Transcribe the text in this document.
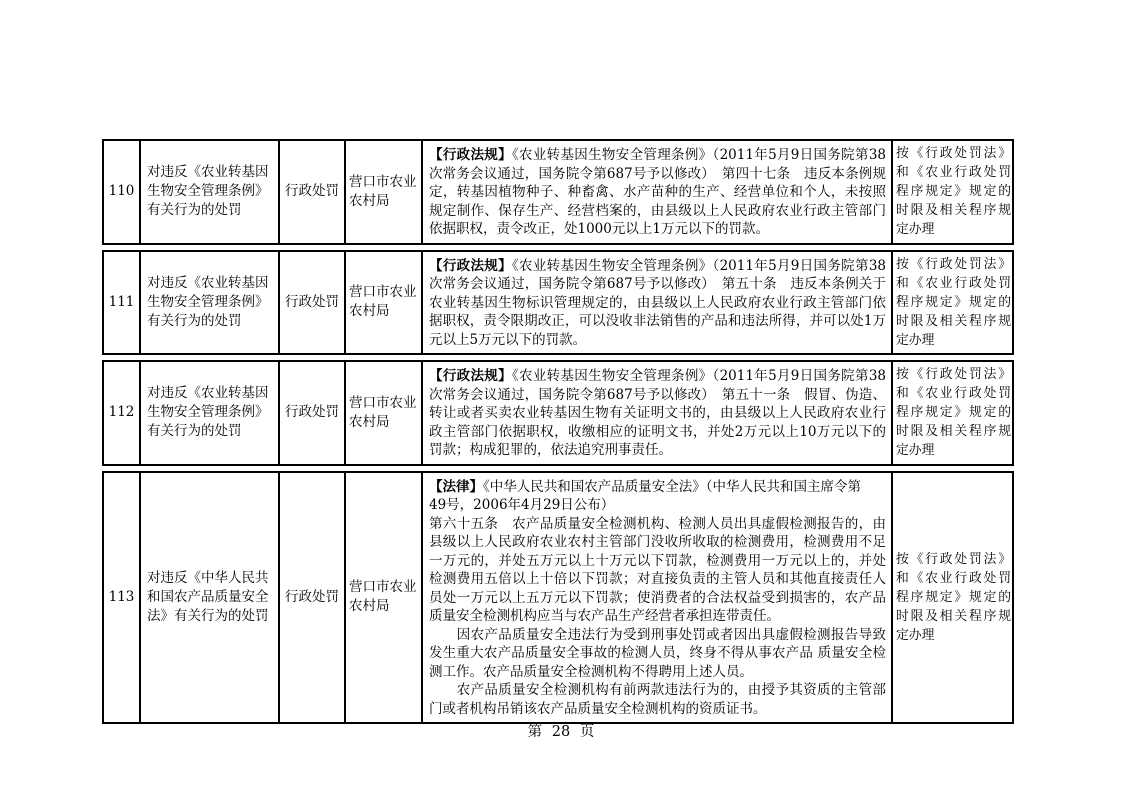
110
对违反《农业转基因生物安全管理条例》有关行为的处罚
行政处罚
营口市农业农村局

【行政法规】《农业转基因生物安全管理条例》（2011年5月9日国务院第38次常务会议通过，国务院令第687号予以修改）　第四十七条　违反本条例规定，转基因植物种子、种畜禽、水产苗种的生产、经营单位和个人，未按照规定制作、保存生产、经营档案的，由县级以上人民政府农业行政主管部门依据职权，责令改正，处1000元以上1万元以下的罚款。

按《行政处罚法》和《农业行政处罚程序规定》规定的时限及相关程序规定办理
111
对违反《农业转基因生物安全管理条例》有关行为的处罚
行政处罚
营口市农业农村局

【行政法规】《农业转基因生物安全管理条例》（2011年5月9日国务院第38次常务会议通过，国务院令第687号予以修改）　第五十条　违反本条例关于农业转基因生物标识管理规定的，由县级以上人民政府农业行政主管部门依据职权，责令限期改正，可以没收非法销售的产品和违法所得，并可以处1万元以上5万元以下的罚款。

按《行政处罚法》和《农业行政处罚程序规定》规定的时限及相关程序规定办理
112
对违反《农业转基因生物安全管理条例》有关行为的处罚
行政处罚
营口市农业农村局

【行政法规】《农业转基因生物安全管理条例》（2011年5月9日国务院第38次常务会议通过，国务院令第687号予以修改）　第五十一条　假冒、伪造、转让或者买卖农业转基因生物有关证明文书的，由县级以上人民政府农业行政主管部门依据职权，收缴相应的证明文书，并处2万元以上10万元以下的罚款；构成犯罪的，依法追究刑事责任。

按《行政处罚法》和《农业行政处罚程序规定》规定的时限及相关程序规定办理
113
对违反《中华人民共和国农产品质量安全法》有关行为的处罚
行政处罚
营口市农业农村局

【法律】《中华人民共和国农产品质量安全法》（中华人民共和国主席令第

49号，2006年4月29日公布）

第六十五条　农产品质量安全检测机构、检测人员出具虚假检测报告的，由县级以上人民政府农业农村主管部门没收所收取的检测费用，检测费用不足一万元的，并处五万元以上十万元以下罚款，检测费用一万元以上的，并处检测费用五倍以上十倍以下罚款；对直接负责的主管人员和其他直接责任人员处一万元以上五万元以下罚款；使消费者的合法权益受到损害的，农产品质量安全检测机构应当与农产品生产经营者承担连带责任。

　　因农产品质量安全违法行为受到刑事处罚或者因出具虚假检测报告导致发生重大农产品质量安全事故的检测人员，终身不得从事农产品 质量安全检测工作。农产品质量安全检测机构不得聘用上述人员。

　　农产品质量安全检测机构有前两款违法行为的，由授予其资质的主管部门或者机构吊销该农产品质量安全检测机构的资质证书。

按《行政处罚法》和《农业行政处罚程序规定》规定的时限及相关程序规定办理
第 28 页
